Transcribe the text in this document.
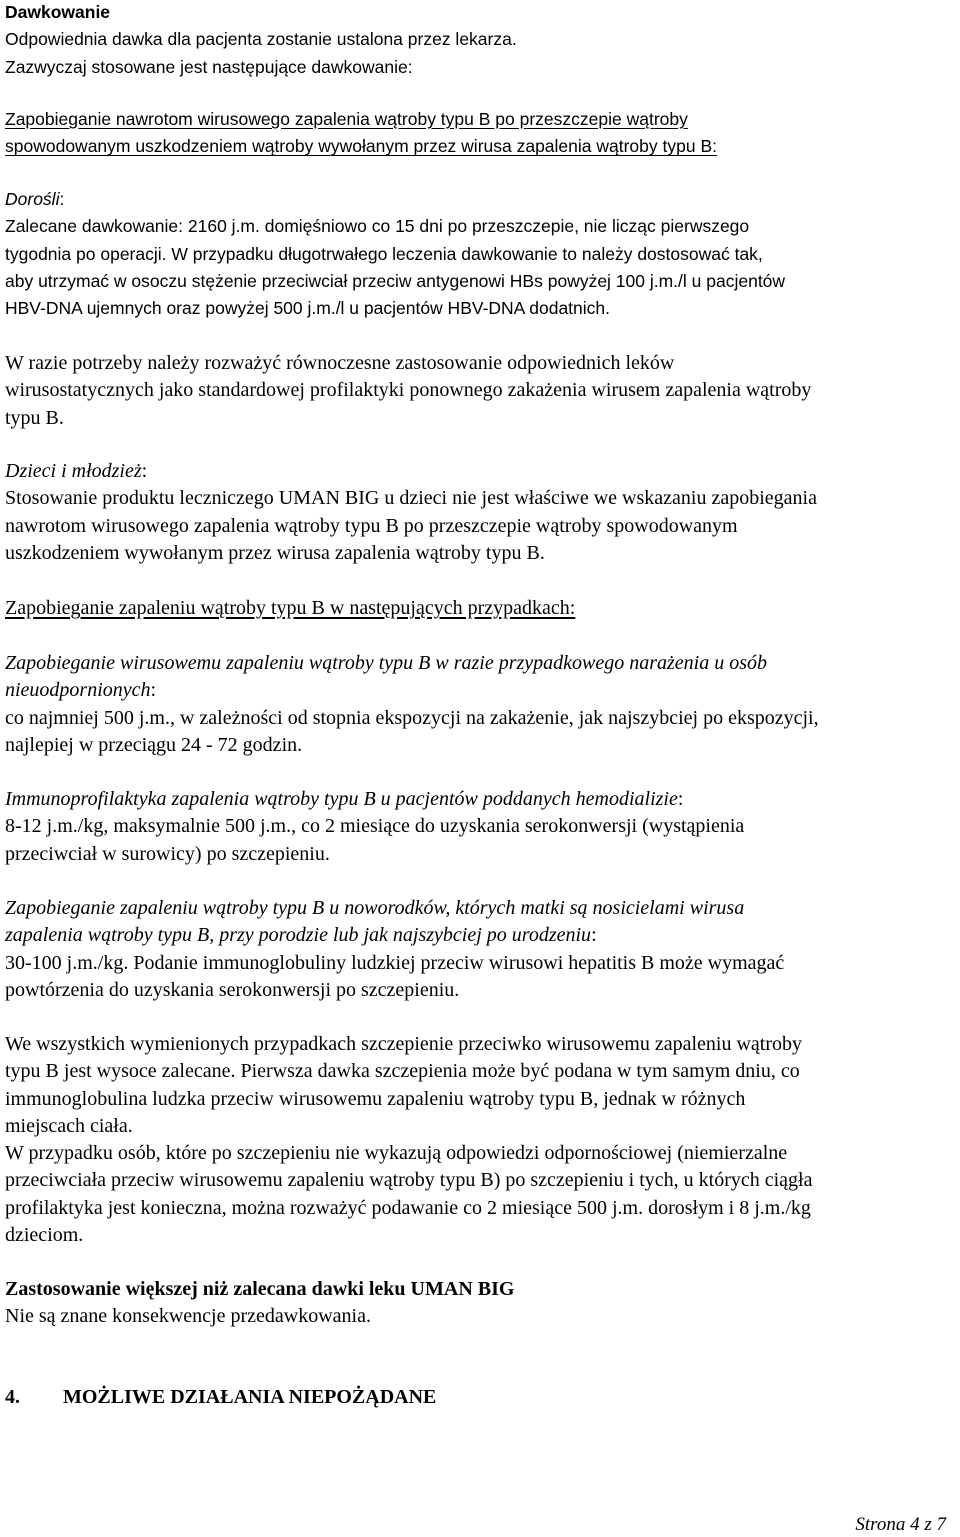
Dawkowanie
Odpowiednia dawka dla pacjenta zostanie ustalona przez lekarza.
Zazwyczaj stosowane jest następujące dawkowanie:
Zapobieganie nawrotom wirusowego zapalenia wątroby typu B po przeszczepie wątroby
spowodowanym uszkodzeniem wątroby wywołanym przez wirusa zapalenia wątroby typu B:
Dorośli:
Zalecane dawkowanie: 2160 j.m. domięśniowo co 15 dni po przeszczepie, nie licząc pierwszego
tygodnia po operacji. W przypadku długotrwałego leczenia dawkowanie to należy dostosować tak,
aby utrzymać w osoczu stężenie przeciwciał przeciw antygenowi HBs powyżej 100 j.m./l u pacjentów
HBV-DNA ujemnych oraz powyżej 500 j.m./l u pacjentów HBV-DNA dodatnich.
W razie potrzeby należy rozważyć równoczesne zastosowanie odpowiednich leków
wirusostatycznych jako standardowej profilaktyki ponownego zakażenia wirusem zapalenia wątroby
typu B.
Dzieci i młodzież:
Stosowanie produktu leczniczego UMAN BIG u dzieci nie jest właściwe we wskazaniu zapobiegania
nawrotom wirusowego zapalenia wątroby typu B po przeszczepie wątroby spowodowanym
uszkodzeniem wywołanym przez wirusa zapalenia wątroby typu B.
Zapobieganie zapaleniu wątroby typu B w następujących przypadkach:
Zapobieganie wirusowemu zapaleniu wątroby typu B w razie przypadkowego narażenia u osób
nieuodpornionych:
co najmniej 500 j.m., w zależności od stopnia ekspozycji na zakażenie, jak najszybciej po ekspozycji,
najlepiej w przeciągu 24 - 72 godzin.
Immunoprofilaktyka zapalenia wątroby typu B u pacjentów poddanych hemodializie:
8-12 j.m./kg, maksymalnie 500 j.m., co 2 miesiące do uzyskania serokonwersji (wystąpienia
przeciwciał w surowicy) po szczepieniu.
Zapobieganie zapaleniu wątroby typu B u noworodków, których matki są nosicielami wirusa
zapalenia wątroby typu B, przy porodzie lub jak najszybciej po urodzeniu:
30-100 j.m./kg. Podanie immunoglobuliny ludzkiej przeciw wirusowi hepatitis B może wymagać
powtórzenia do uzyskania serokonwersji po szczepieniu.
We wszystkich wymienionych przypadkach szczepienie przeciwko wirusowemu zapaleniu wątroby
typu B jest wysoce zalecane. Pierwsza dawka szczepienia może być podana w tym samym dniu, co
immunoglobulina ludzka przeciw wirusowemu zapaleniu wątroby typu B, jednak w różnych
miejscach ciała.
W przypadku osób, które po szczepieniu nie wykazują odpowiedzi odpornościowej (niemierzalne
przeciwciała przeciw wirusowemu zapaleniu wątroby typu B) po szczepieniu i tych, u których ciągła
profilaktyka jest konieczna, można rozważyć podawanie co 2 miesiące 500 j.m. dorosłym i 8 j.m./kg
dzieciom.
Zastosowanie większej niż zalecana dawki leku UMAN BIG
Nie są znane konsekwencje przedawkowania.
4. MOŻLIWE DZIAŁANIA NIEPOŻĄDANE
Strona 4 z 7
